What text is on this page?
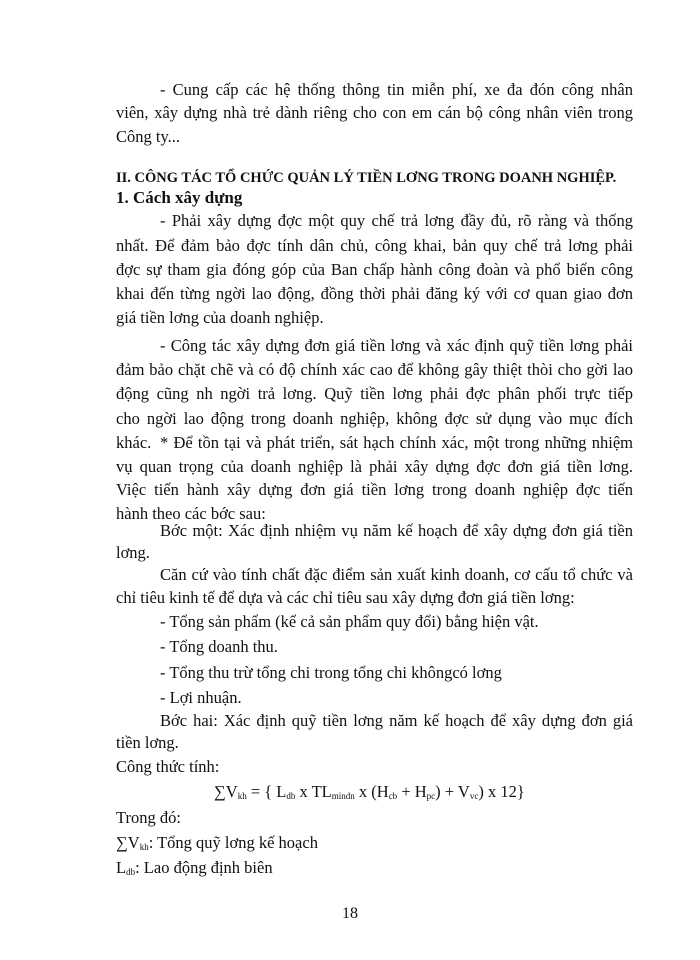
- Cung cấp các hệ thống thông tin miễn phí, xe đa đón công nhân
viên, xây dựng nhà trẻ dành riêng cho con em cán bộ công nhân viên trong
Công ty...
II. CÔNG TÁC TỔ CHỨC QUẢN LÝ TIỀN LƠNG TRONG DOANH NGHIỆP.
1. Cách xây dựng
- Phải xây dựng đợc một quy chế trả lơng đầy đủ, rõ ràng và thống
nhất. Để đảm bảo đợc tính dân chủ, công khai, bản quy chế trả lơng phải
đợc sự tham gia đóng góp của Ban chấp hành công đoàn và phổ biến công
khai đến từng ngời lao động, đồng thời phải đăng ký với cơ quan giao đơn
giá tiền lơng của doanh nghiệp.
- Công tác xây dựng đơn giá tiền lơng và xác định quỹ tiền lơng phải
đảm bảo chặt chẽ và có độ chính xác cao để không gây thiệt thòi cho gời lao
động cũng nh ngời trả lơng. Quỹ tiền lơng phải đợc phân phối trực tiếp
cho ngời lao động trong doanh nghiệp, không đợc sử dụng vào mục đích
khác. * Để tồn tại và phát triển, sát hạch chính xác, một trong những nhiệm
vụ quan trọng của doanh nghiệp là phải xây dựng đợc đơn giá tiền lơng.
Việc tiến hành xây dựng đơn giá tiền lơng trong doanh nghiệp đợc tiến
hành theo các bớc sau:
Bớc một: Xác định nhiệm vụ năm kế hoạch để xây dựng đơn giá tiền
lơng.
Căn cứ vào tính chất đặc điểm sản xuất kinh doanh, cơ cấu tổ chức và
chỉ tiêu kinh tế để dựa và các chỉ tiêu sau xây dựng đơn giá tiền lơng:
- Tổng sản phẩm (kể cả sản phẩm quy đổi) bằng hiện vật.
- Tổng doanh thu.
- Tổng thu trừ tổng chi trong tổng chi khôngcó lơng
- Lợi nhuận.
Bớc hai: Xác định quỹ tiền lơng năm kế hoạch để xây dựng đơn giá
tiền lơng.
Công thức tính:
$\sum V_{kh}$ = { $L_{db}$ x $TL_{mindn}$ x $(H_{cb} + H_{pc}) + V_{vc}$) x 12}
Trong đó:
$\sum V_{kh}$: Tổng quỹ lơng kế hoạch
$L_{db}$: Lao động định biên
18
